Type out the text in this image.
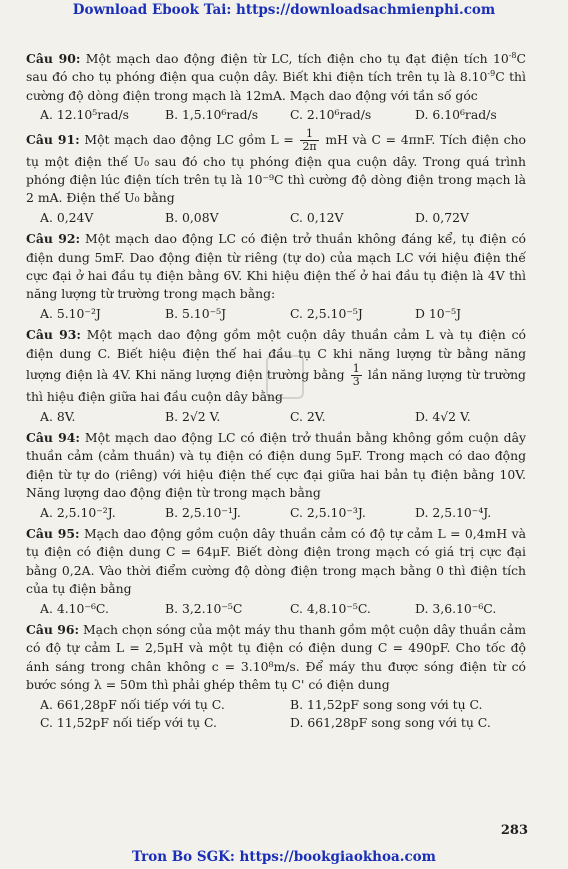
Download Ebook Tai: https://downloadsachmienphi.com

Câu 90: Một mạch dao động điện từ LC, tích điện cho tụ đạt điện tích $10^{-8}C$ sau đó cho tụ phóng điện qua cuộn dây. Biết khi điện tích trên tụ là $8.10^{-9}C$ thì cường độ dòng điện trong mạch là 12mA. Mạch dao động với tần số góc

A. 12.10⁵rad/s	B. 1,5.10⁶rad/s	C. 2.10⁶rad/s	D. 6.10⁶rad/s

Câu 91: Một mạch dao động LC gồm $L = \frac{1}{2\pi}$ mH và C = 4πnF. Tích điện cho tụ một điện thế U₀ sau đó cho tụ phóng điện qua cuộn dây. Trong quá trình phóng điện lúc điện tích trên tụ là 10⁻⁹C thì cường độ dòng điện trong mạch là 2 mA. Điện thế U₀ bằng

A. 0,24V	B. 0,08V	C. 0,12V	D. 0,72V

Câu 92: Một mạch dao động LC có điện trở thuần không đáng kể, tụ điện có điện dung 5mF. Dao động điện từ riêng (tự do) của mạch LC với hiệu điện thế cực đại ở hai đầu tụ điện bằng 6V. Khi hiệu điện thế ở hai đầu tụ điện là 4V thì năng lượng từ trường trong mạch bằng:

A. 5.10⁻²J	B. 5.10⁻⁵J	C. 2,5.10⁻⁵J	D 10⁻⁵J

Câu 93: Một mạch dao động gồm một cuộn dây thuần cảm L và tụ điện có điện dung C. Biết hiệu điện thế hai đầu tụ C khi năng lượng từ bằng năng lượng điện là 4V. Khi năng lượng điện trường bằng $\frac{1}{3}$ lần năng lượng từ trường thì hiệu điện giữa hai đầu cuộn dây bằng

A. 8V.	B. 2√2 V.	C. 2V.	D. 4√2 V.

Câu 94: Một mạch dao động LC có điện trở thuần bằng không gồm cuộn dây thuần cảm (cảm thuần) và tụ điện có điện dung 5μF. Trong mạch có dao động điện từ tự do (riêng) với hiệu điện thế cực đại giữa hai bản tụ điện bằng 10V. Năng lượng dao động điện từ trong mạch bằng

A. 2,5.10⁻²J.	B. 2,5.10⁻¹J.	C. 2,5.10⁻³J.	D. 2,5.10⁻⁴J.

Câu 95: Mạch dao động gồm cuộn dây thuần cảm có độ tự cảm L = 0,4mH và tụ điện có điện dung C = 64μF. Biết dòng điện trong mạch có giá trị cực đại bằng 0,2A. Vào thời điểm cường độ dòng điện trong mạch bằng 0 thì điện tích của tụ điện bằng

A. 4.10⁻⁶C.	B. 3,2.10⁻⁵C	C. 4,8.10⁻⁵C.	D. 3,6.10⁻⁶C.

Câu 96: Mạch chọn sóng của một máy thu thanh gồm một cuộn dây thuần cảm có độ tự cảm L = 2,5μH và một tụ điện có điện dung C = 490pF. Cho tốc độ ánh sáng trong chân không c = 3.10⁸m/s. Để máy thu được sóng điện từ có bước sóng λ = 50m thì phải ghép thêm tụ C' có điện dung

A. 661,28pF nối tiếp với tụ C.	B. 11,52pF song song với tụ C.
C. 11,52pF nối tiếp với tụ C.	D. 661,28pF song song với tụ C.
283
Tron Bo SGK: https://bookgiaokhoa.com
